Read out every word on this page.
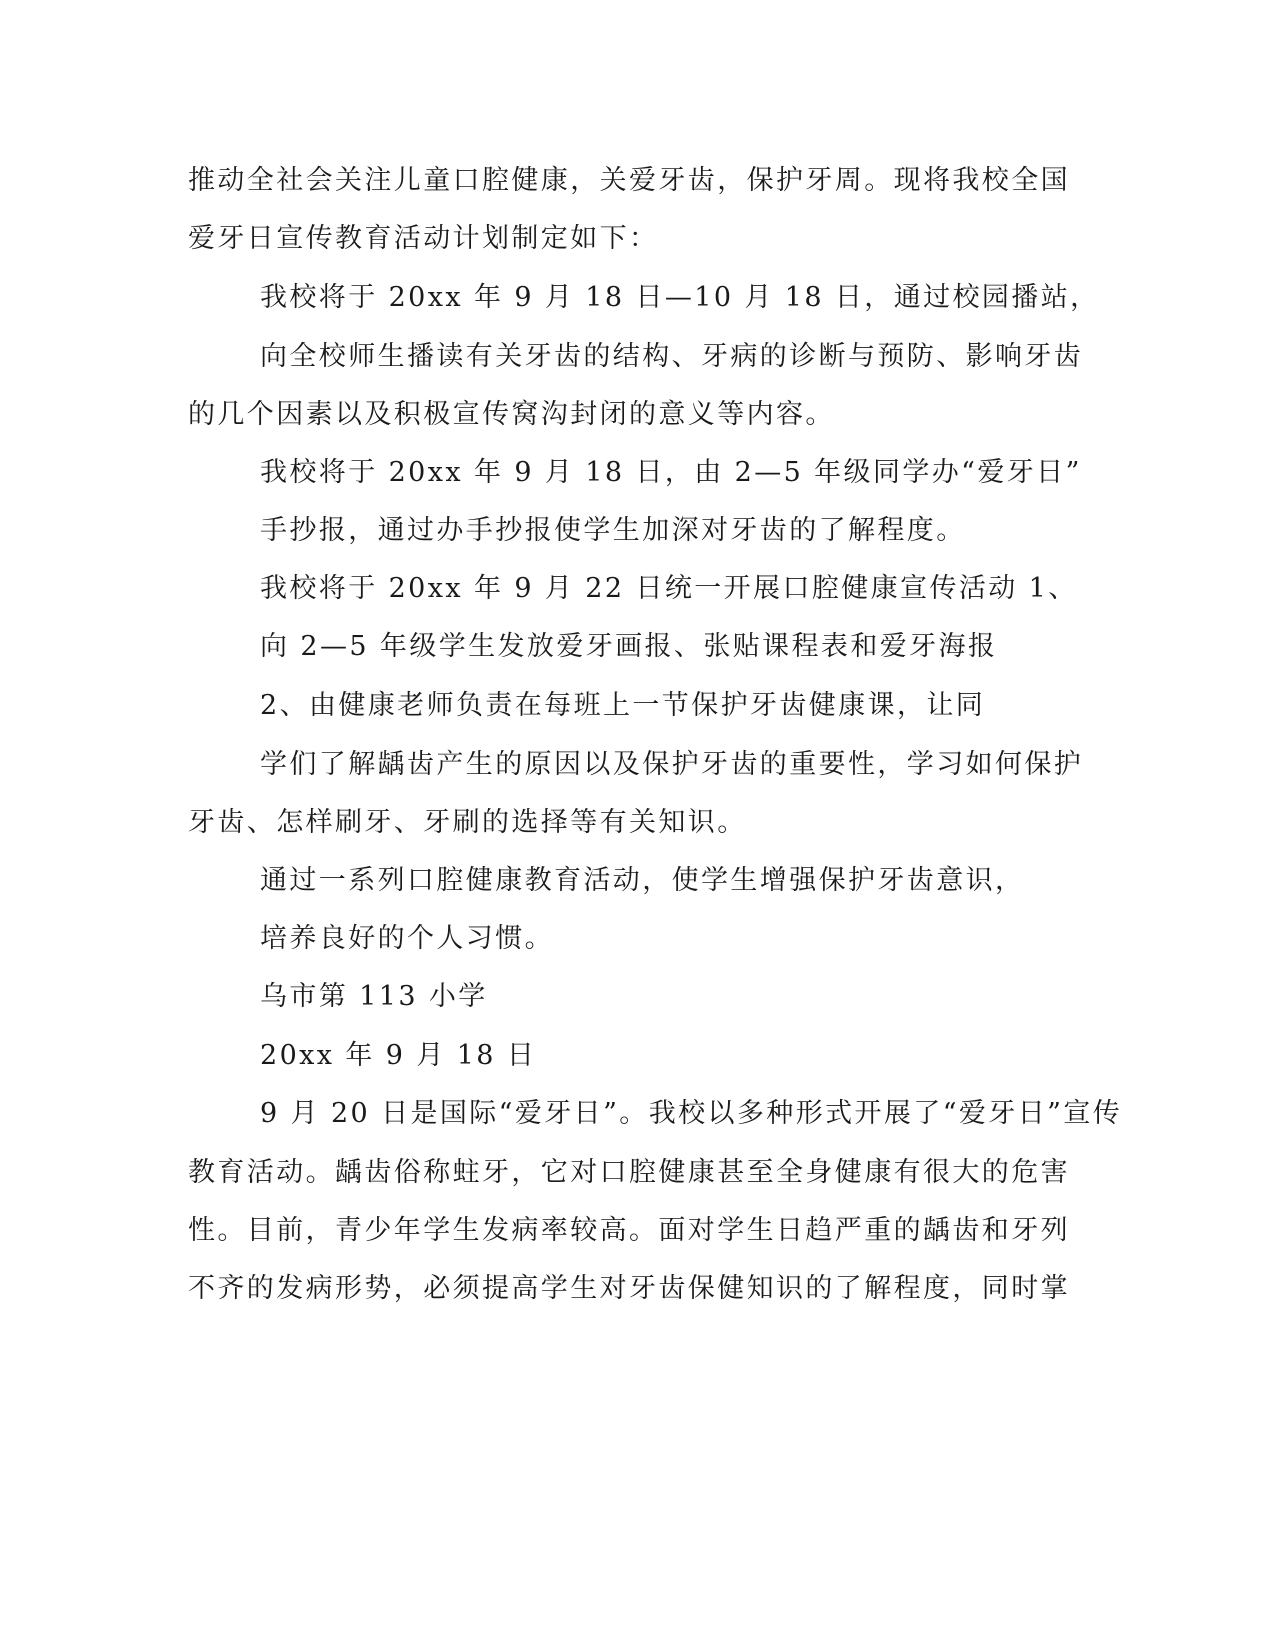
推动全社会关注儿童口腔健康，关爱牙齿，保护牙周。现将我校全国
爱牙日宣传教育活动计划制定如下：
我校将于 20xx 年 9 月 18 日—10 月 18 日，通过校园播站，
向全校师生播读有关牙齿的结构、牙病的诊断与预防、影响牙齿
的几个因素以及积极宣传窝沟封闭的意义等内容。
我校将于 20xx 年 9 月 18 日，由 2—5 年级同学办“爱牙日”
手抄报，通过办手抄报使学生加深对牙齿的了解程度。
我校将于 20xx 年 9 月 22 日统一开展口腔健康宣传活动 1、
向 2—5 年级学生发放爱牙画报、张贴课程表和爱牙海报
2、由健康老师负责在每班上一节保护牙齿健康课，让同
学们了解龋齿产生的原因以及保护牙齿的重要性，学习如何保护
牙齿、怎样刷牙、牙刷的选择等有关知识。
通过一系列口腔健康教育活动，使学生增强保护牙齿意识，
培养良好的个人习惯。
乌市第 113 小学
20xx 年 9 月 18 日
9 月 20 日是国际“爱牙日”。我校以多种形式开展了“爱牙日”宣传
教育活动。龋齿俗称蛀牙，它对口腔健康甚至全身健康有很大的危害
性。目前，青少年学生发病率较高。面对学生日趋严重的龋齿和牙列
不齐的发病形势，必须提高学生对牙齿保健知识的了解程度，同时掌
